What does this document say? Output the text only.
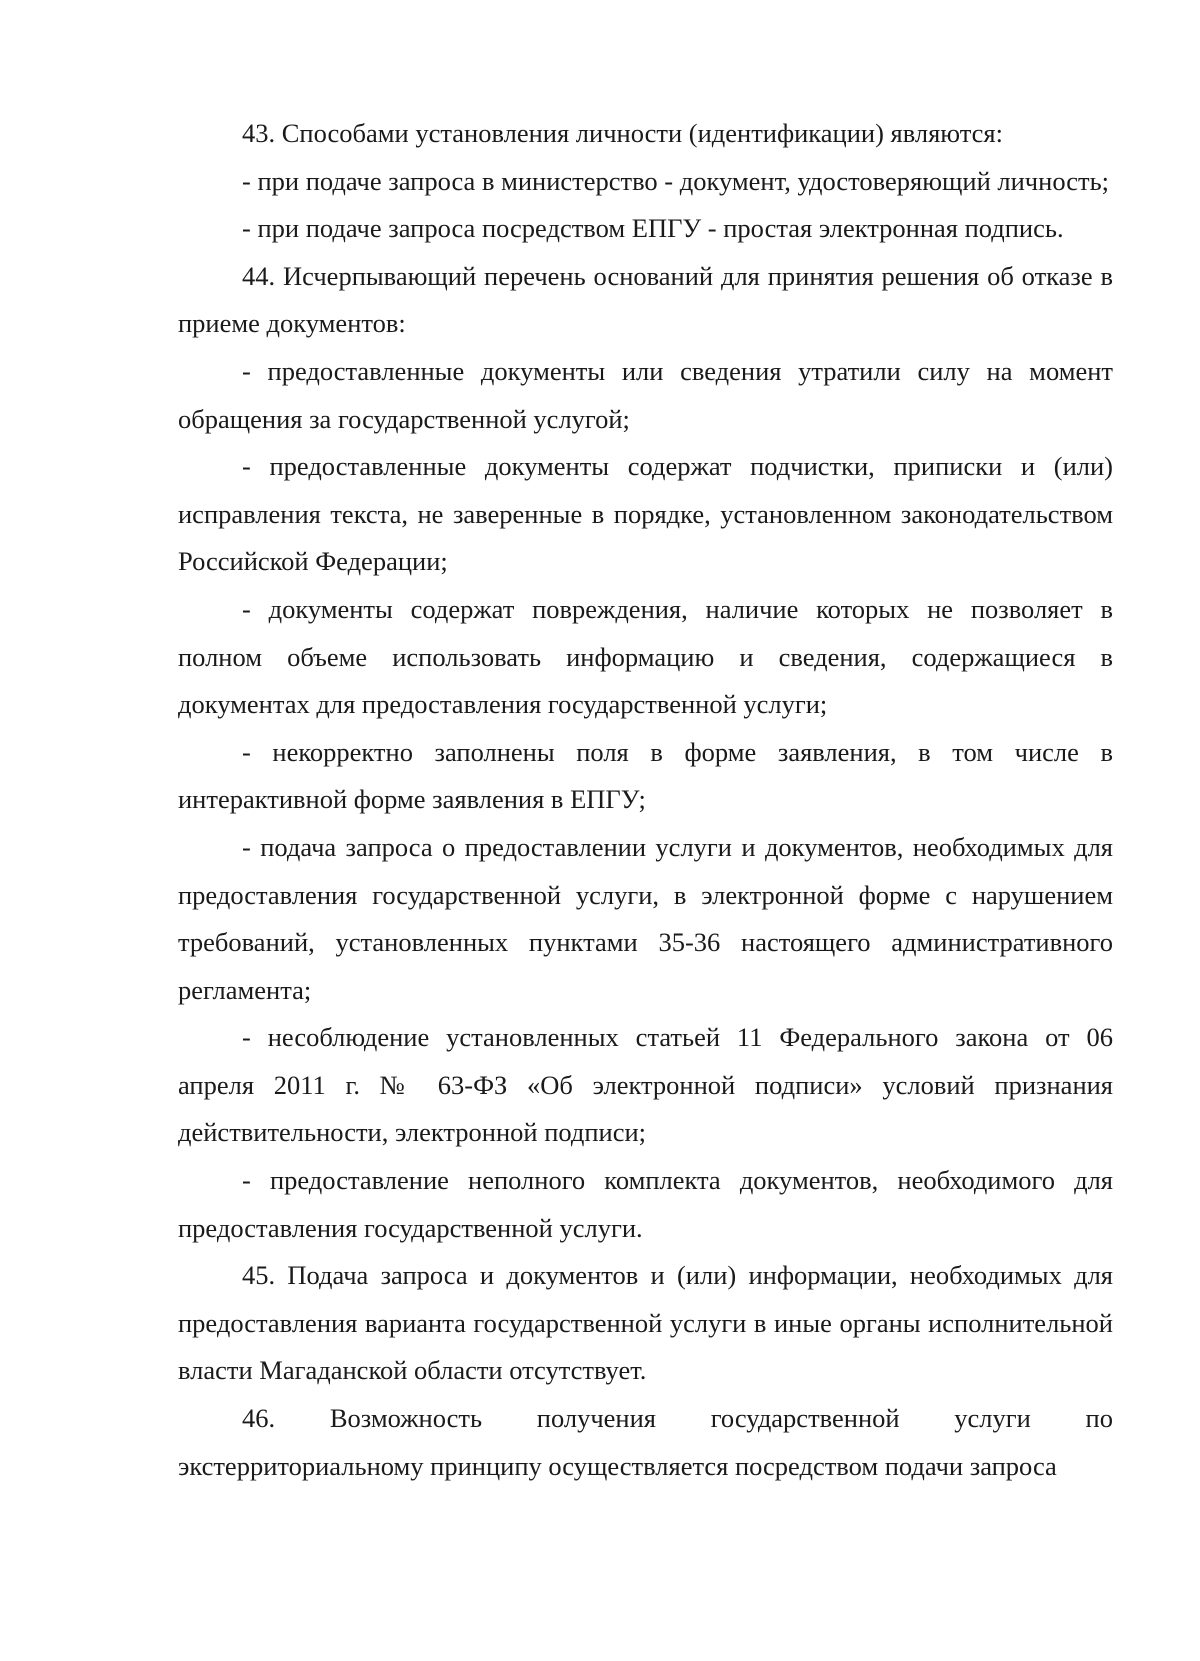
43. Способами установления личности (идентификации) являются:

- при подаче запроса в министерство - документ, удостоверяющий личность;

- при подаче запроса посредством ЕПГУ - простая электронная подпись.

44. Исчерпывающий перечень оснований для принятия решения об отказе в приеме документов:

- предоставленные документы или сведения утратили силу на момент обращения за государственной услугой;

- предоставленные документы содержат подчистки, приписки и (или) исправления текста, не заверенные в порядке, установленном законодательством Российской Федерации;

- документы содержат повреждения, наличие которых не позволяет в полном объеме использовать информацию и сведения, содержащиеся в документах для предоставления государственной услуги;

- некорректно заполнены поля в форме заявления, в том числе в интерактивной форме заявления в ЕПГУ;

- подача запроса о предоставлении услуги и документов, необходимых для предоставления государственной услуги, в электронной форме с нарушением требований, установленных пунктами 35-36 настоящего административного регламента;

- несоблюдение установленных статьей 11 Федерального закона от 06 апреля 2011 г. № 63-ФЗ «Об электронной подписи» условий признания действительности, электронной подписи;

- предоставление неполного комплекта документов, необходимого для предоставления государственной услуги.

45. Подача запроса и документов и (или) информации, необходимых для предоставления варианта государственной услуги в иные органы исполнительной власти Магаданской области отсутствует.

46. Возможность получения государственной услуги по экстерриториальному принципу осуществляется посредством подачи запроса
